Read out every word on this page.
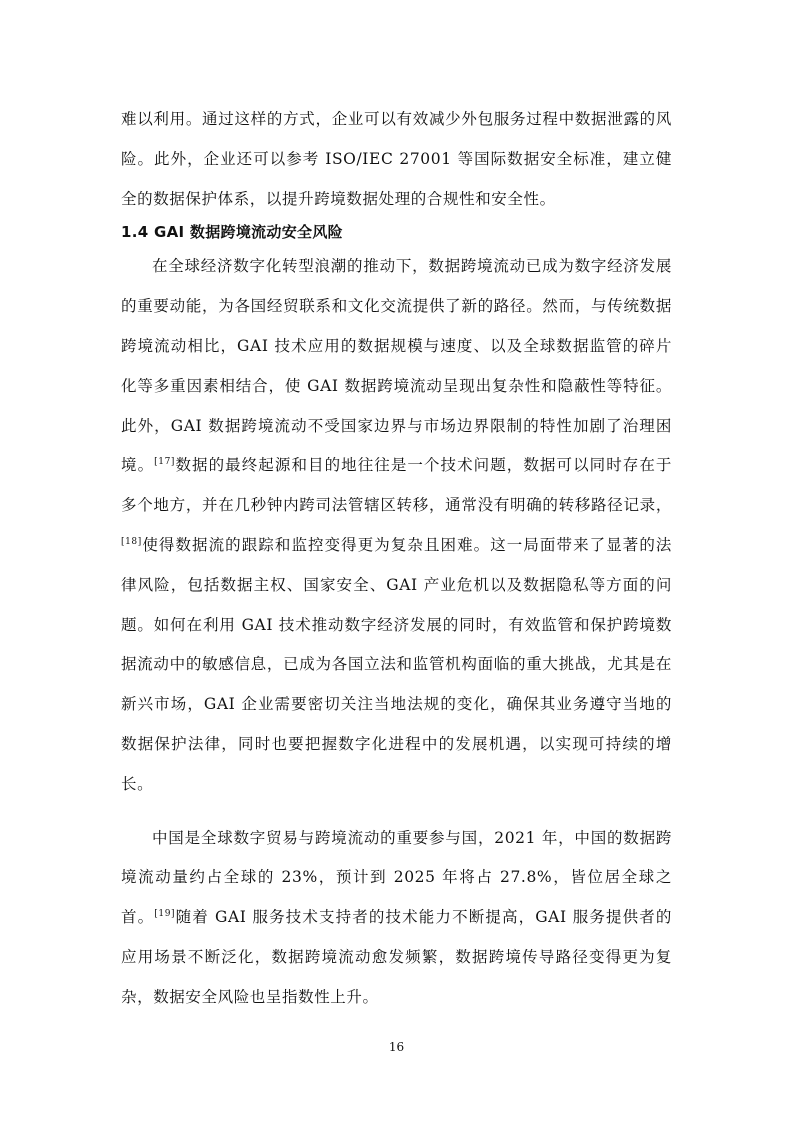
难以利用。通过这样的方式，企业可以有效减少外包服务过程中数据泄露的风险。此外，企业还可以参考 ISO/IEC 27001 等国际数据安全标准，建立健全的数据保护体系，以提升跨境数据处理的合规性和安全性。

1.4 GAI 数据跨境流动安全风险

在全球经济数字化转型浪潮的推动下，数据跨境流动已成为数字经济发展的重要动能，为各国经贸联系和文化交流提供了新的路径。然而，与传统数据跨境流动相比，GAI 技术应用的数据规模与速度、以及全球数据监管的碎片化等多重因素相结合，使 GAI 数据跨境流动呈现出复杂性和隐蔽性等特征。此外，GAI 数据跨境流动不受国家边界与市场边界限制的特性加剧了治理困境。[17]数据的最终起源和目的地往往是一个技术问题，数据可以同时存在于多个地方，并在几秒钟内跨司法管辖区转移，通常没有明确的转移路径记录，[18]使得数据流的跟踪和监控变得更为复杂且困难。这一局面带来了显著的法律风险，包括数据主权、国家安全、GAI 产业危机以及数据隐私等方面的问题。如何在利用 GAI 技术推动数字经济发展的同时，有效监管和保护跨境数据流动中的敏感信息，已成为各国立法和监管机构面临的重大挑战，尤其是在新兴市场，GAI 企业需要密切关注当地法规的变化，确保其业务遵守当地的数据保护法律，同时也要把握数字化进程中的发展机遇，以实现可持续的增长。

中国是全球数字贸易与跨境流动的重要参与国，2021 年，中国的数据跨境流动量约占全球的 23%，预计到 2025 年将占 27.8%，皆位居全球之首。[19]随着 GAI 服务技术支持者的技术能力不断提高，GAI 服务提供者的应用场景不断泛化，数据跨境流动愈发频繁，数据跨境传导路径变得更为复杂，数据安全风险也呈指数性上升。

16
